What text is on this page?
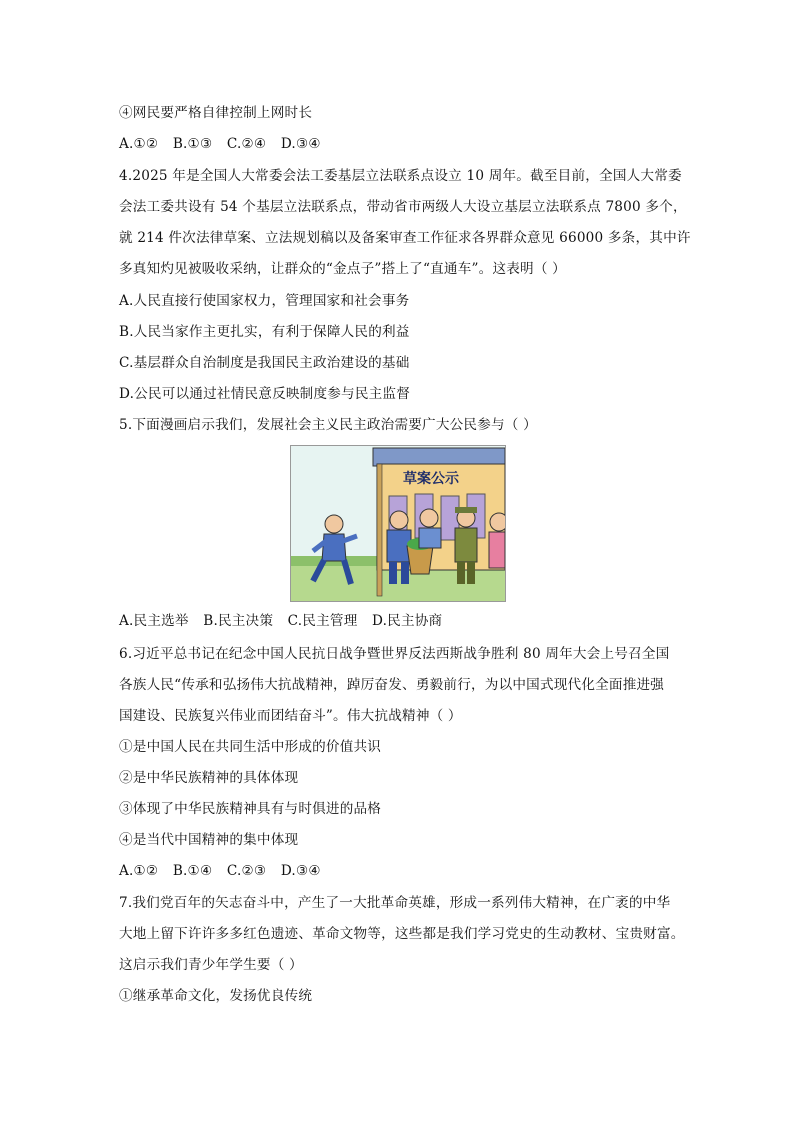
④网民要严格自律控制上网时长
A.①② B.①③ C.②④ D.③④
4.2025 年是全国人大常委会法工委基层立法联系点设立 10 周年。截至目前，全国人大常委
会法工委共设有 54 个基层立法联系点，带动省市两级人大设立基层立法联系点 7800 多个，
就 214 件次法律草案、立法规划稿以及备案审查工作征求各界群众意见 66000 多条，其中许
多真知灼见被吸收采纳，让群众的“金点子”搭上了“直通车”。这表明（ ）
A.人民直接行使国家权力，管理国家和社会事务
B.人民当家作主更扎实，有利于保障人民的利益
C.基层群众自治制度是我国民主政治建设的基础
D.公民可以通过社情民意反映制度参与民主监督
5.下面漫画启示我们，发展社会主义民主政治需要广大公民参与（ ）
草案公示
A.民主选举 B.民主决策 C.民主管理 D.民主协商
6.习近平总书记在纪念中国人民抗日战争暨世界反法西斯战争胜利 80 周年大会上号召全国
各族人民“传承和弘扬伟大抗战精神，踔厉奋发、勇毅前行，为以中国式现代化全面推进强
国建设、民族复兴伟业而团结奋斗”。伟大抗战精神（ ）
①是中国人民在共同生活中形成的价值共识
②是中华民族精神的具体体现
③体现了中华民族精神具有与时俱进的品格
④是当代中国精神的集中体现
A.①② B.①④ C.②③ D.③④
7.我们党百年的矢志奋斗中，产生了一大批革命英雄，形成一系列伟大精神，在广袤的中华
大地上留下许许多多红色遗迹、革命文物等，这些都是我们学习党史的生动教材、宝贵财富。
这启示我们青少年学生要（ ）
①继承革命文化，发扬优良传统
